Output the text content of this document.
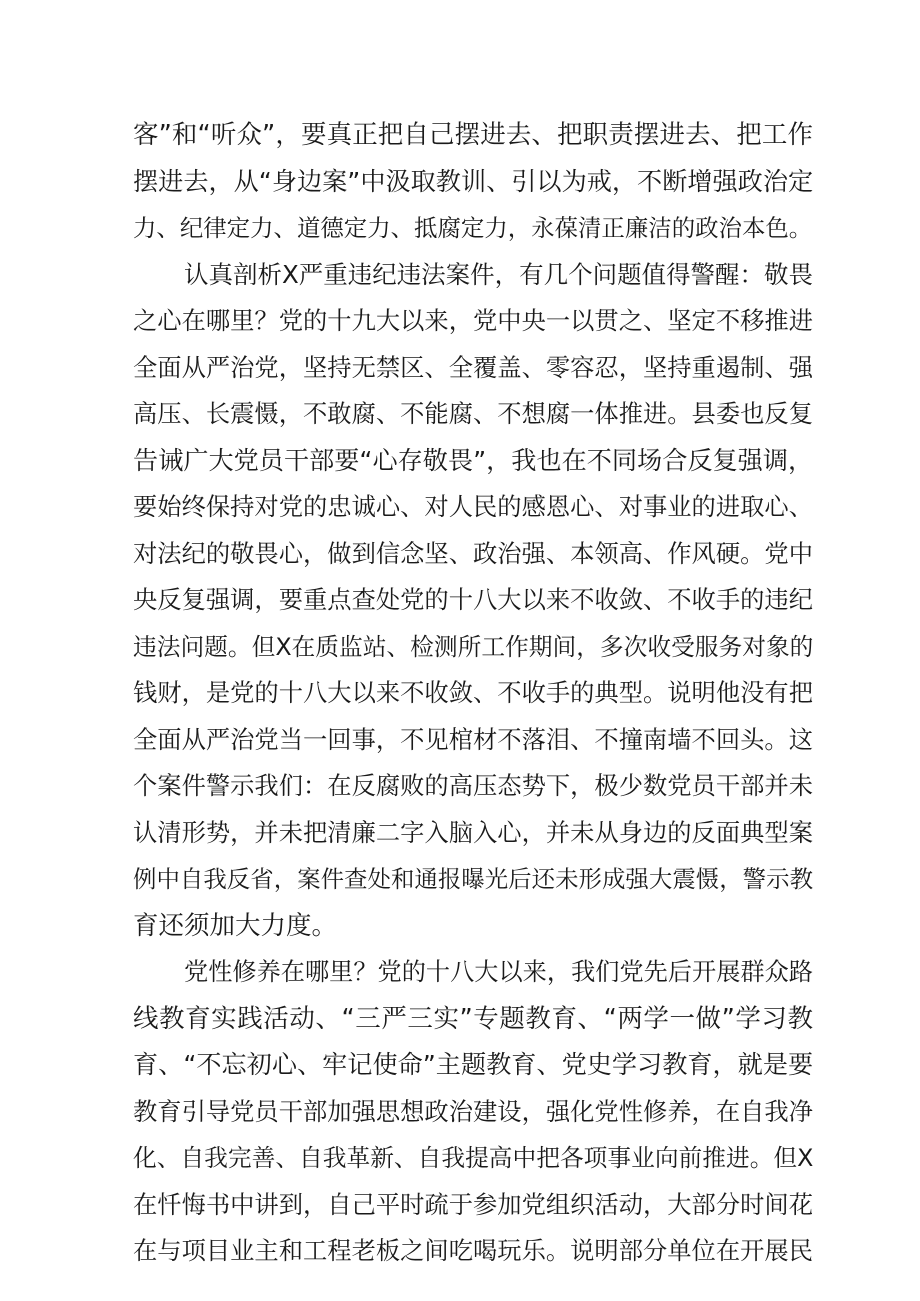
客”和“听众”，要真正把自己摆进去、把职责摆进去、把工作
摆进去，从“身边案”中汲取教训、引以为戒，不断增强政治定
力、纪律定力、道德定力、抵腐定力，永葆清正廉洁的政治本色。
认真剖析X严重违纪违法案件，有几个问题值得警醒：敬畏
之心在哪里？党的十九大以来，党中央一以贯之、坚定不移推进
全面从严治党，坚持无禁区、全覆盖、零容忍，坚持重遏制、强
高压、长震慑，不敢腐、不能腐、不想腐一体推进。县委也反复
告诫广大党员干部要“心存敬畏”，我也在不同场合反复强调，
要始终保持对党的忠诚心、对人民的感恩心、对事业的进取心、
对法纪的敬畏心，做到信念坚、政治强、本领高、作风硬。党中
央反复强调，要重点查处党的十八大以来不收敛、不收手的违纪
违法问题。但X在质监站、检测所工作期间，多次收受服务对象的
钱财，是党的十八大以来不收敛、不收手的典型。说明他没有把
全面从严治党当一回事，不见棺材不落泪、不撞南墙不回头。这
个案件警示我们：在反腐败的高压态势下，极少数党员干部并未
认清形势，并未把清廉二字入脑入心，并未从身边的反面典型案
例中自我反省，案件查处和通报曝光后还未形成强大震慑，警示教
育还须加大力度。
党性修养在哪里？党的十八大以来，我们党先后开展群众路
线教育实践活动、“三严三实”专题教育、“两学一做”学习教
育、“不忘初心、牢记使命”主题教育、党史学习教育，就是要
教育引导党员干部加强思想政治建设，强化党性修养，在自我净
化、自我完善、自我革新、自我提高中把各项事业向前推进。但X
在忏悔书中讲到，自己平时疏于参加党组织活动，大部分时间花
在与项目业主和工程老板之间吃喝玩乐。说明部分单位在开展民
